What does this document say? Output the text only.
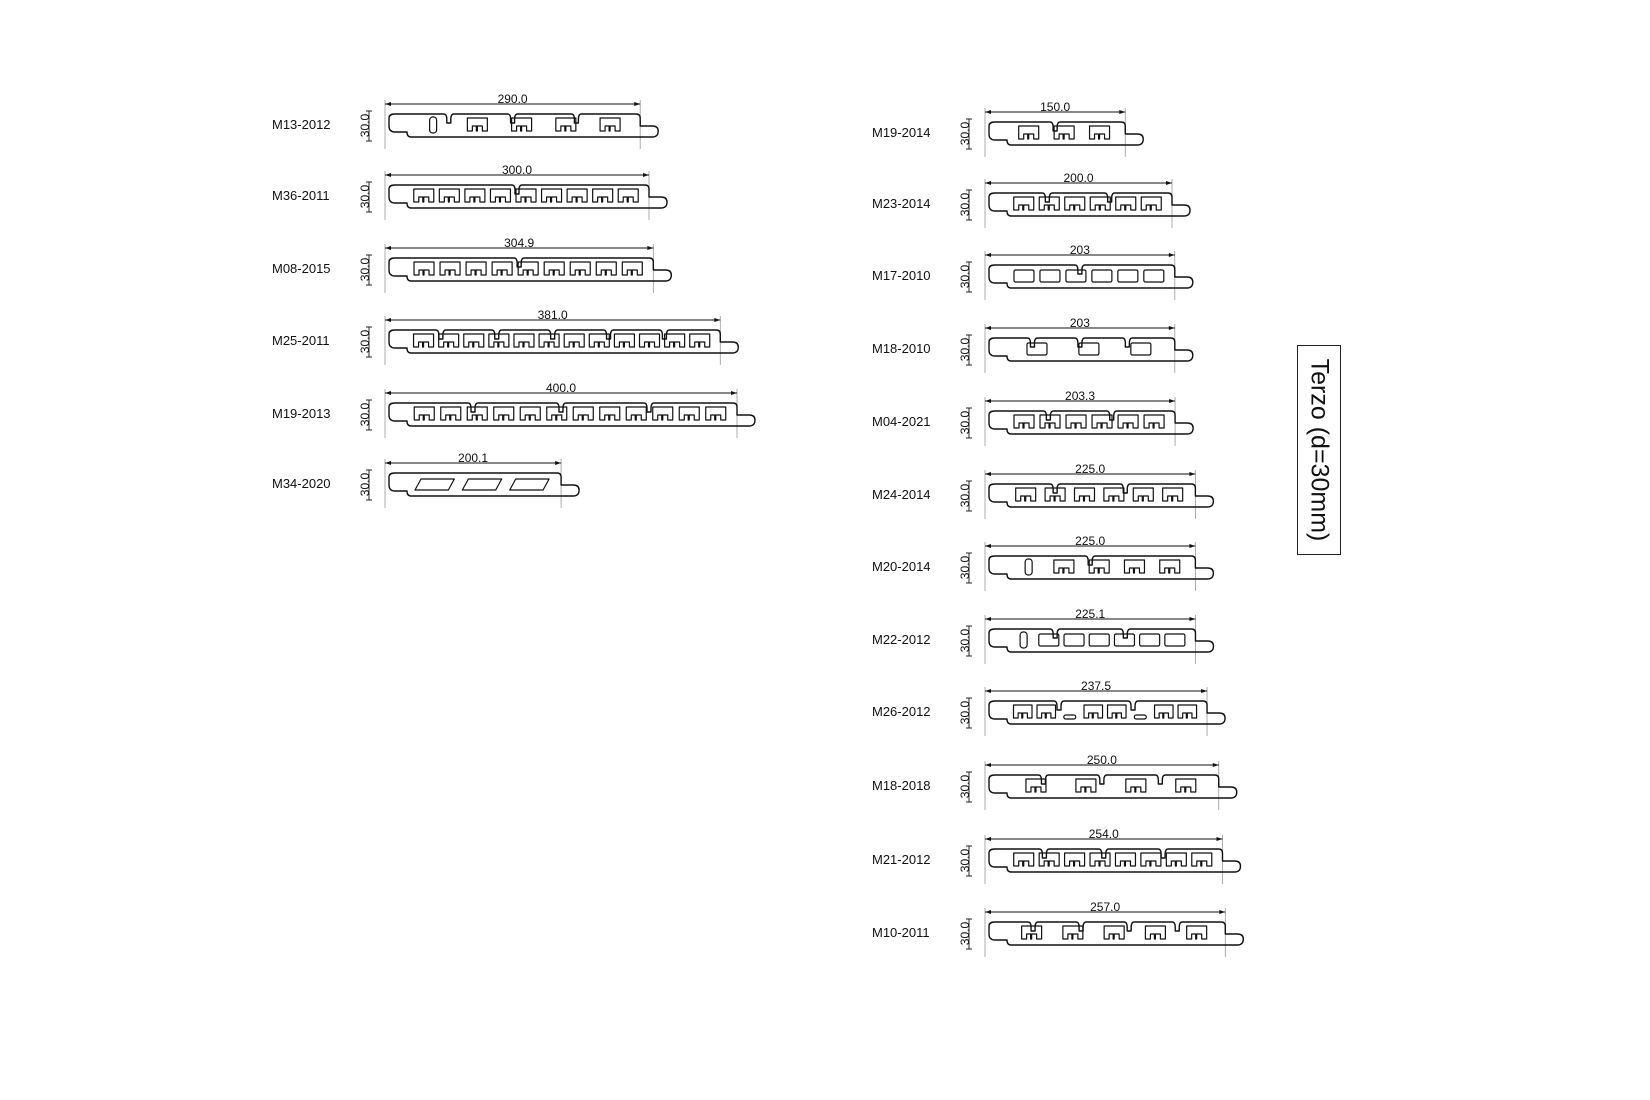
M13-2012
290.0
30.0
M36-2011
300.0
30.0
M08-2015
304.9
30.0
M25-2011
381.0
30.0
M19-2013
400.0
30.0
M34-2020
200.1
30.0
M19-2014
150.0
30.0
M23-2014
200.0
30.0
M17-2010
203
30.0
M18-2010
203
30.0
M04-2021
203.3
30.0
M24-2014
225.0
30.0
M20-2014
225.0
30.0
M22-2012
225.1
30.0
M26-2012
237.5
30.0
M18-2018
250.0
30.0
M21-2012
254.0
30.0
M10-2011
257.0
30.0
Terzo (d=30mm)
